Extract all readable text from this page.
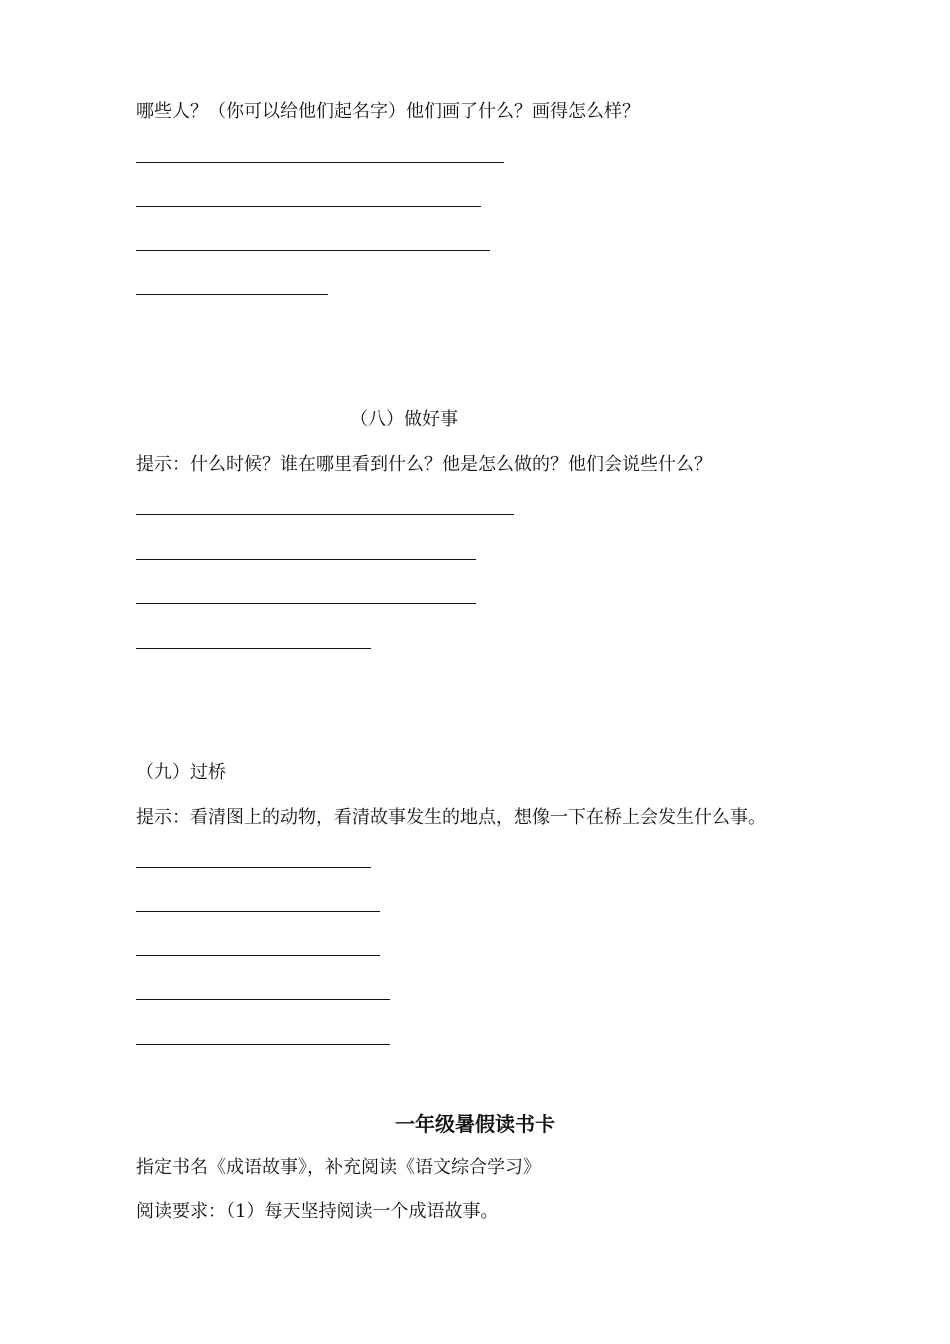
哪些人？（你可以给他们起名字）他们画了什么？画得怎么样？
（八）做好事
提示：什么时候？谁在哪里看到什么？他是怎么做的？他们会说些什么？
（九）过桥
提示：看清图上的动物，看清故事发生的地点，想像一下在桥上会发生什么事。
一年级暑假读书卡
指定书名《成语故事》，补充阅读《语文综合学习》
阅读要求：（1）每天坚持阅读一个成语故事。
